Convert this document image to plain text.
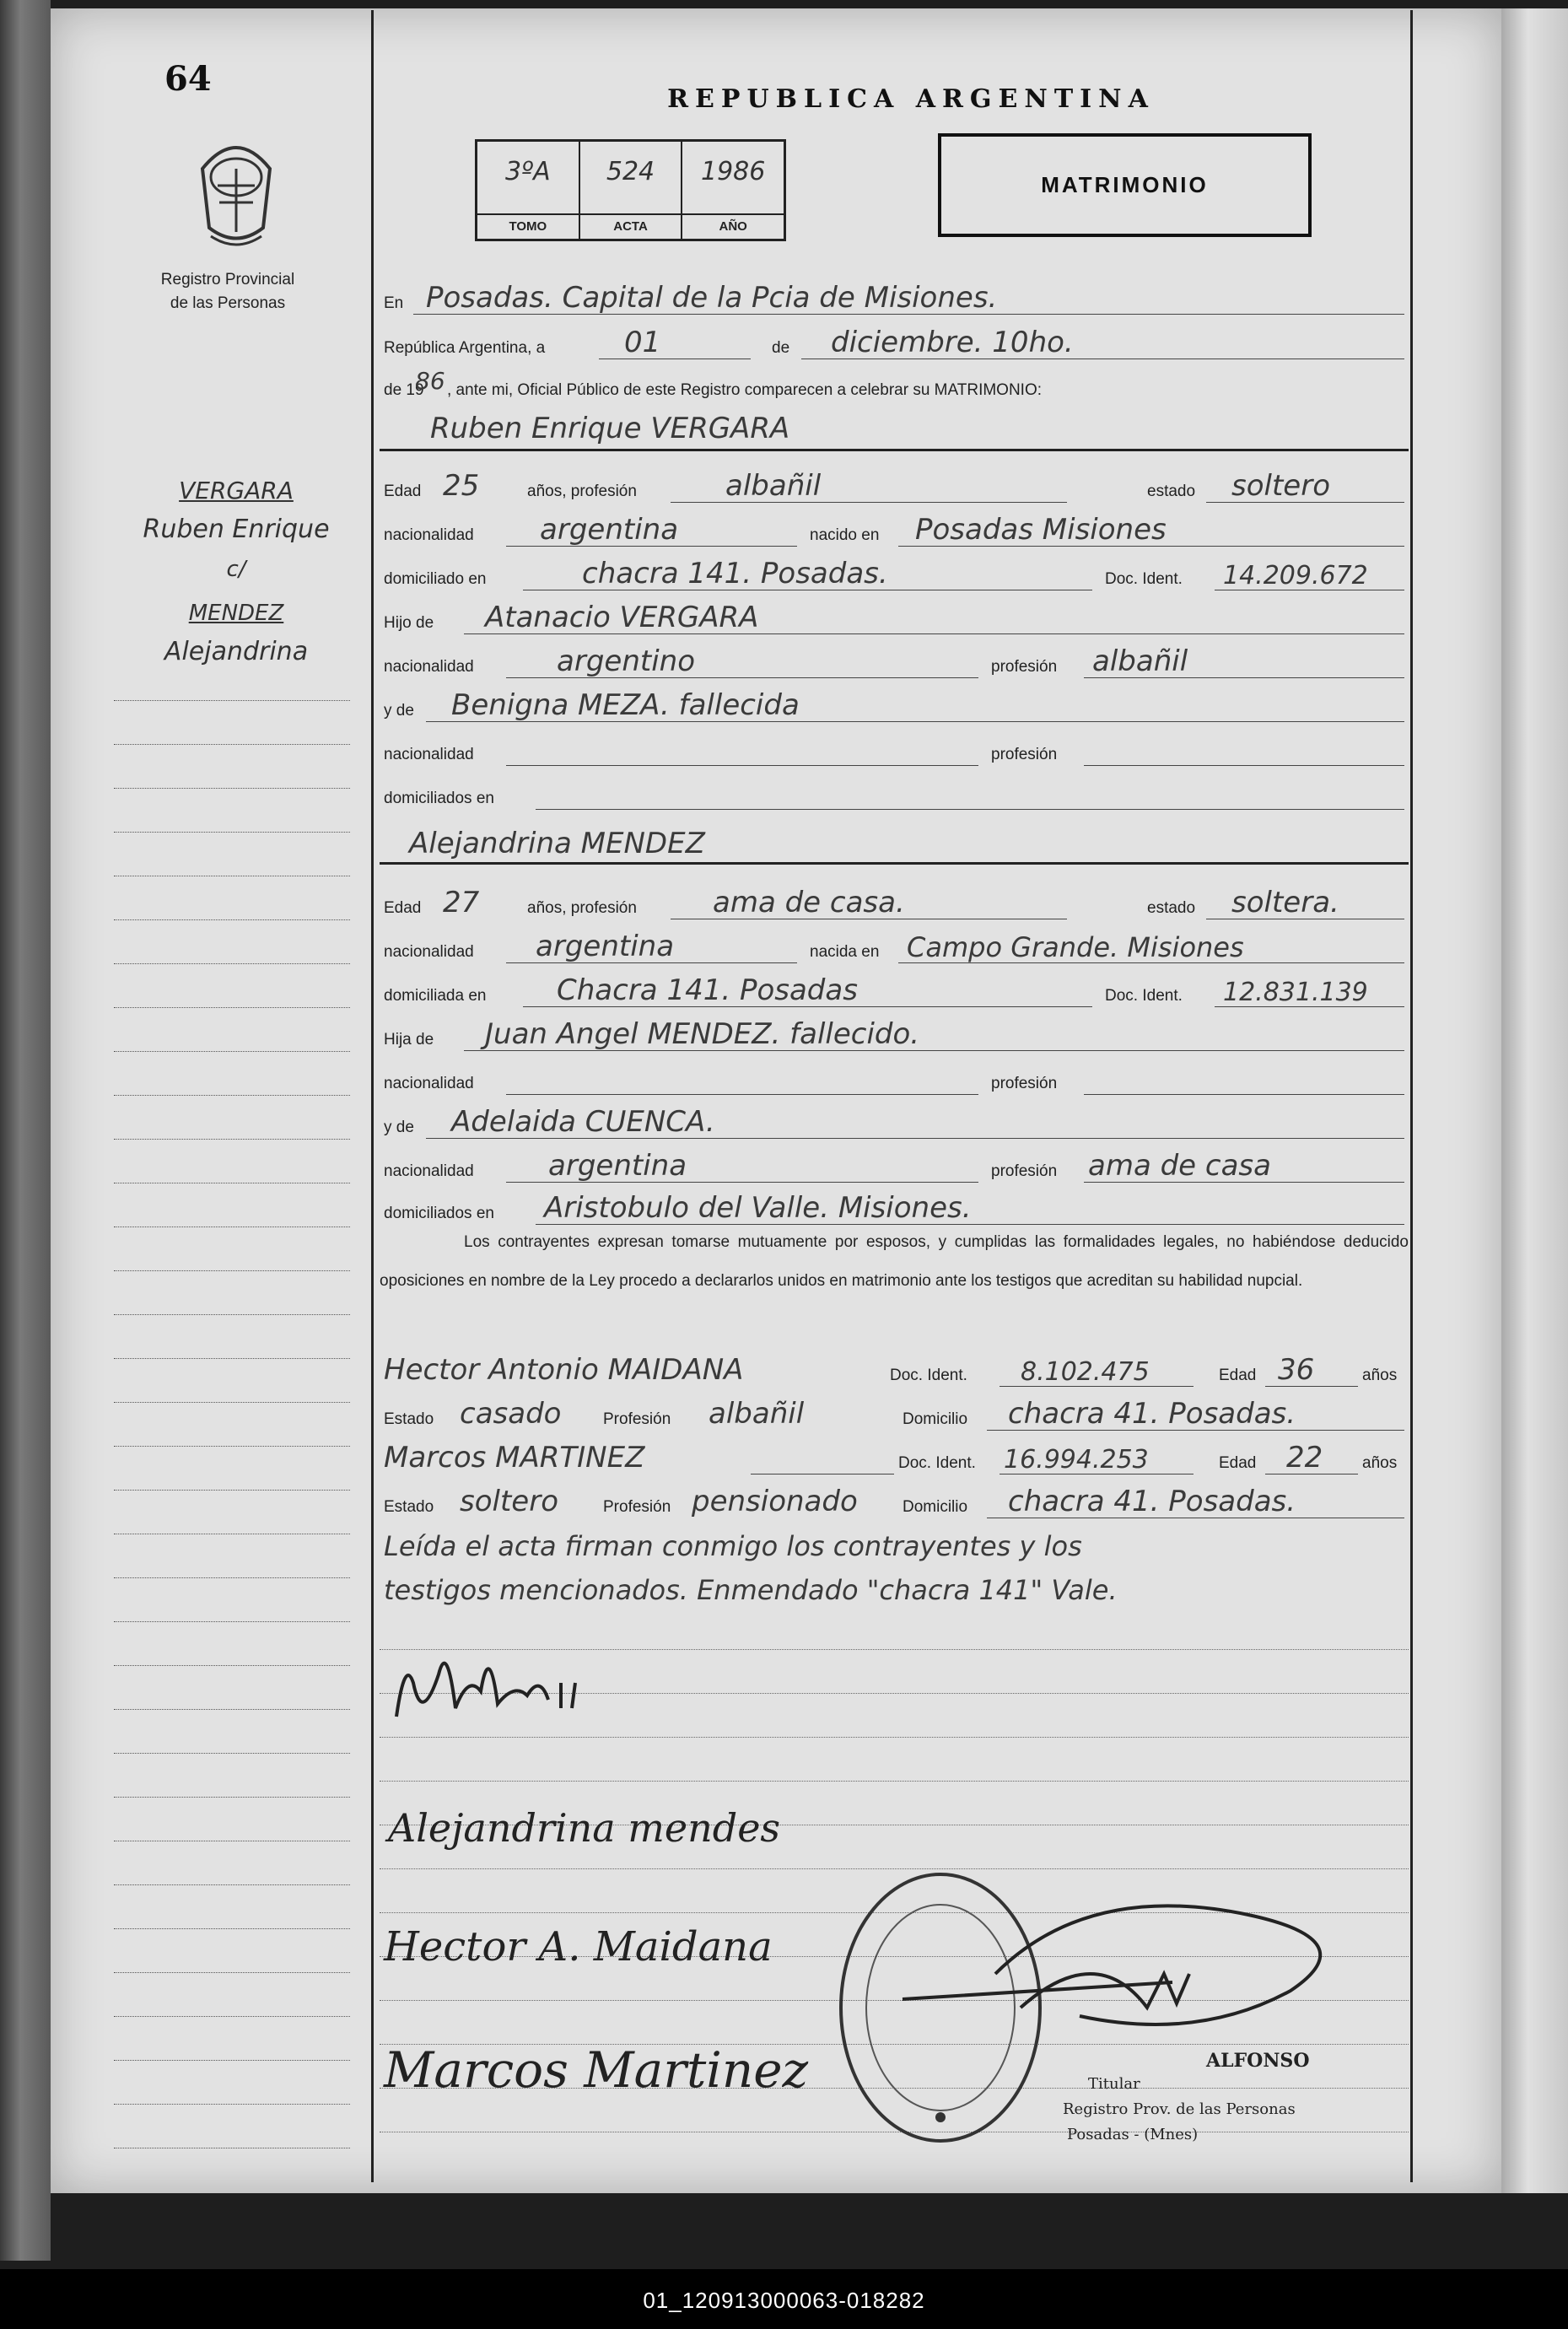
64
Registro Provincial
de las Personas
VERGARA
Ruben Enrique
c/
MENDEZ
Alejandrina
REPUBLICA ARGENTINA
3ºA
TOMO
524
ACTA
1986
AÑO
MATRIMONIO
En Posadas. Capital de la Pcia de Misiones.
República Argentina, a	01	de diciembre. 10ho.
de 19
86 , ante mi, Oficial Público de este Registro comparecen a celebrar su MATRIMONIO:
Ruben Enrique VERGARA
Edad 25	años, profesión	albañil	estado soltero
nacionalidad argentina	nacido en Posadas Misiones
domiciliado en	chacra 141. Posadas.	Doc. Ident. 14.209.672
Hijo de Atanacio VERGARA
nacionalidad	argentino	profesión albañil
y de Benigna MEZA. fallecida
nacionalidad	profesión
domiciliados en
Alejandrina MENDEZ
Edad 27	años, profesión	ama de casa.	estado soltera.
nacionalidad argentina	nacida en Campo Grande. Misiones
domiciliada en Chacra 141. Posadas	Doc. Ident. 12.831.139
Hija de Juan Angel MENDEZ. fallecido.
nacionalidad	profesión
y de Adelaida CUENCA.
nacionalidad	argentina	profesión ama de casa
domiciliados en Aristobulo del Valle. Misiones.
Los contrayentes expresan tomarse mutuamente por esposos, y cumplidas las formalidades legales, no habiéndose deducido oposiciones en nombre de la Ley procedo a declararlos unidos en matrimonio ante los testigos que acreditan su habilidad nupcial.
Hector Antonio MAIDANA	Doc. Ident. 8.102.475	Edad 36	años
Estado casado	Profesión albañil	Domicilio chacra 41. Posadas.
Marcos MARTINEZ	Doc. Ident. 16.994.253	Edad 22 años
Estado soltero	Profesión pensionado	Domicilio chacra 41. Posadas.
Leída el acta firman conmigo los contrayentes y los
testigos mencionados. Enmendado "chacra 141" Vale.
Alejandrina mendes
Hector A. Maidana
Marcos Martinez	ALFONSO
Titular
Registro Prov. de las Personas
Posadas - (Mnes)
01_120913000063-018282
